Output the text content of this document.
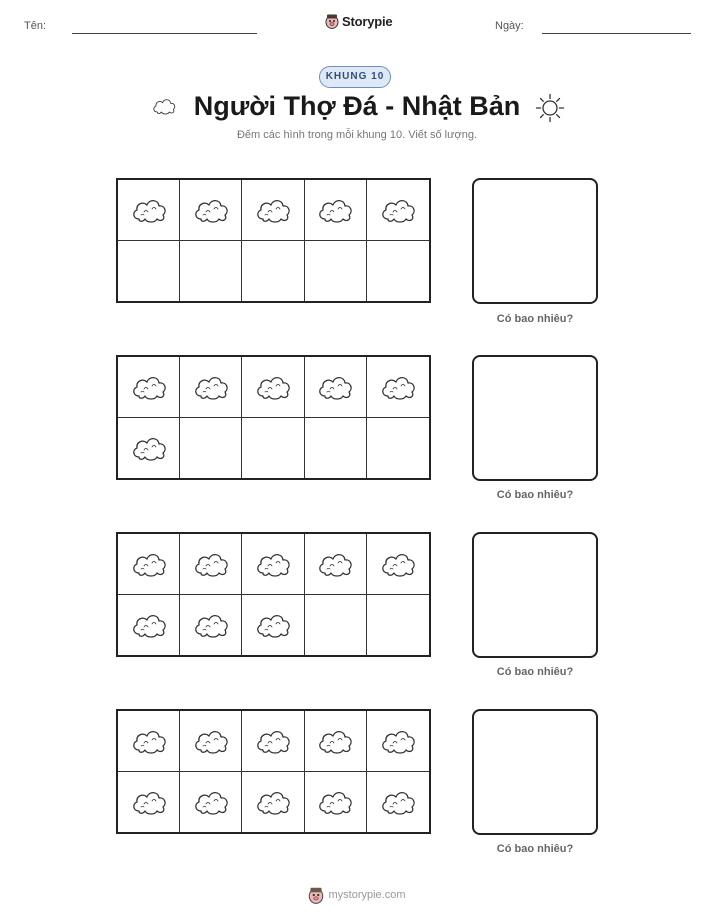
Tên:	Storypie	Ngày:
KHUNG 10
Người Thợ Đá - Nhật Bản
Đếm các hình trong mỗi khung 10. Viết số lượng.
Có bao nhiêu?
Có bao nhiêu?
Có bao nhiêu?
Có bao nhiêu?
mystorypie.com
